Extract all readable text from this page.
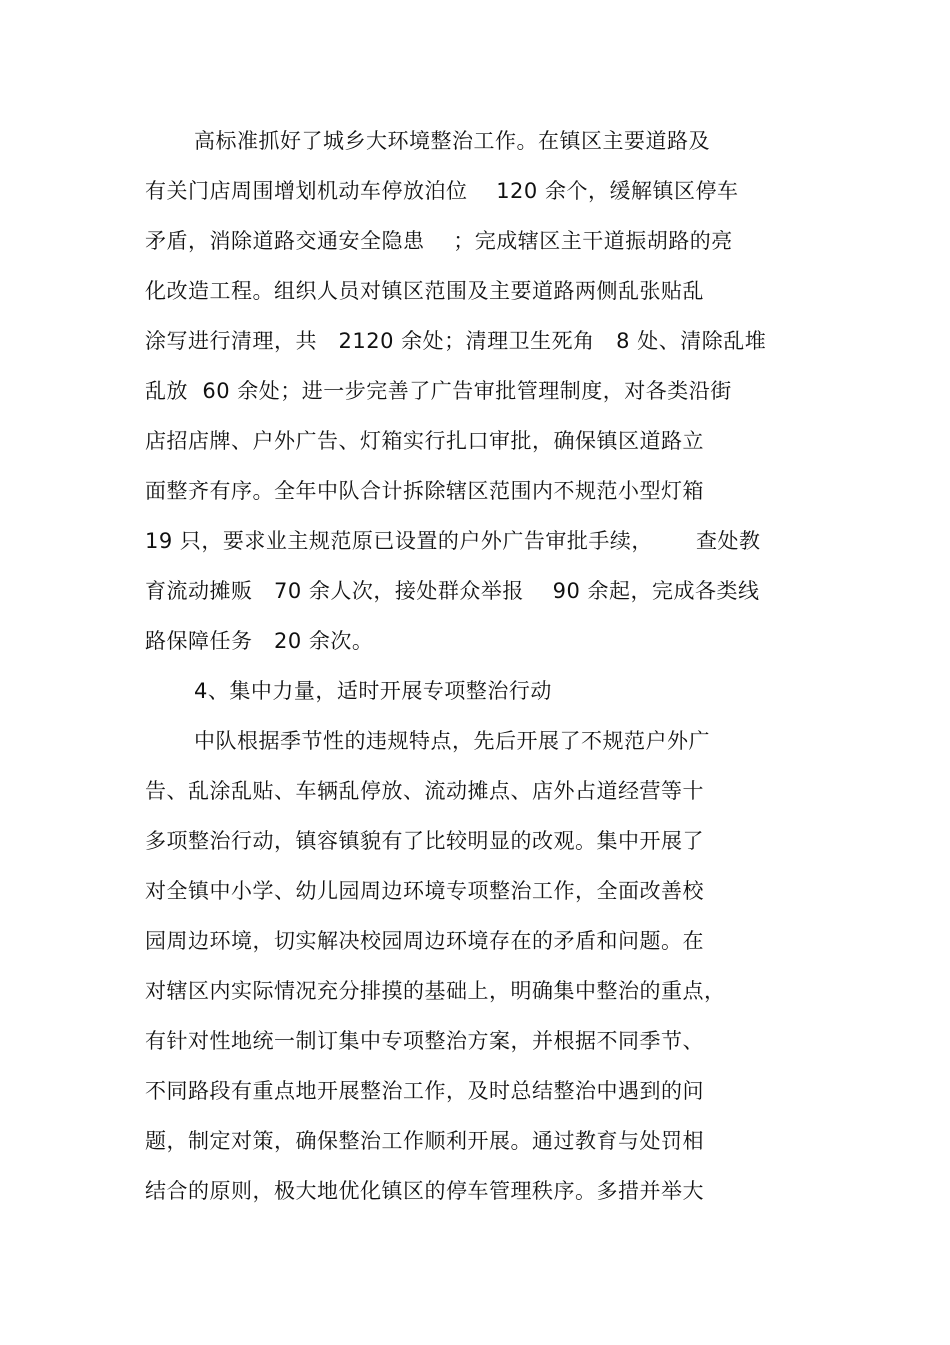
高标准抓好了城乡大环境整治工作。在镇区主要道路及
有关门店周围增划机动车停放泊位    120 余个，缓解镇区停车
矛盾，消除道路交通安全隐患    ；完成辖区主干道振胡路的亮
化改造工程。组织人员对镇区范围及主要道路两侧乱张贴乱
涂写进行清理，共   2120 余处；清理卫生死角   8 处、清除乱堆
乱放  60 余处；进一步完善了广告审批管理制度，对各类沿街
店招店牌、户外广告、灯箱实行扎口审批，确保镇区道路立
面整齐有序。全年中队合计拆除辖区范围内不规范小型灯箱
19 只，要求业主规范原已设置的户外广告审批手续，      查处教
育流动摊贩   70 余人次，接处群众举报    90 余起，完成各类线
路保障任务   20 余次。
4、集中力量，适时开展专项整治行动
中队根据季节性的违规特点，先后开展了不规范户外广
告、乱涂乱贴、车辆乱停放、流动摊点、店外占道经营等十
多项整治行动，镇容镇貌有了比较明显的改观。集中开展了
对全镇中小学、幼儿园周边环境专项整治工作，全面改善校
园周边环境，切实解决校园周边环境存在的矛盾和问题。在
对辖区内实际情况充分排摸的基础上，明确集中整治的重点，
有针对性地统一制订集中专项整治方案，并根据不同季节、
不同路段有重点地开展整治工作，及时总结整治中遇到的问
题，制定对策，确保整治工作顺利开展。通过教育与处罚相
结合的原则，极大地优化镇区的停车管理秩序。多措并举大
